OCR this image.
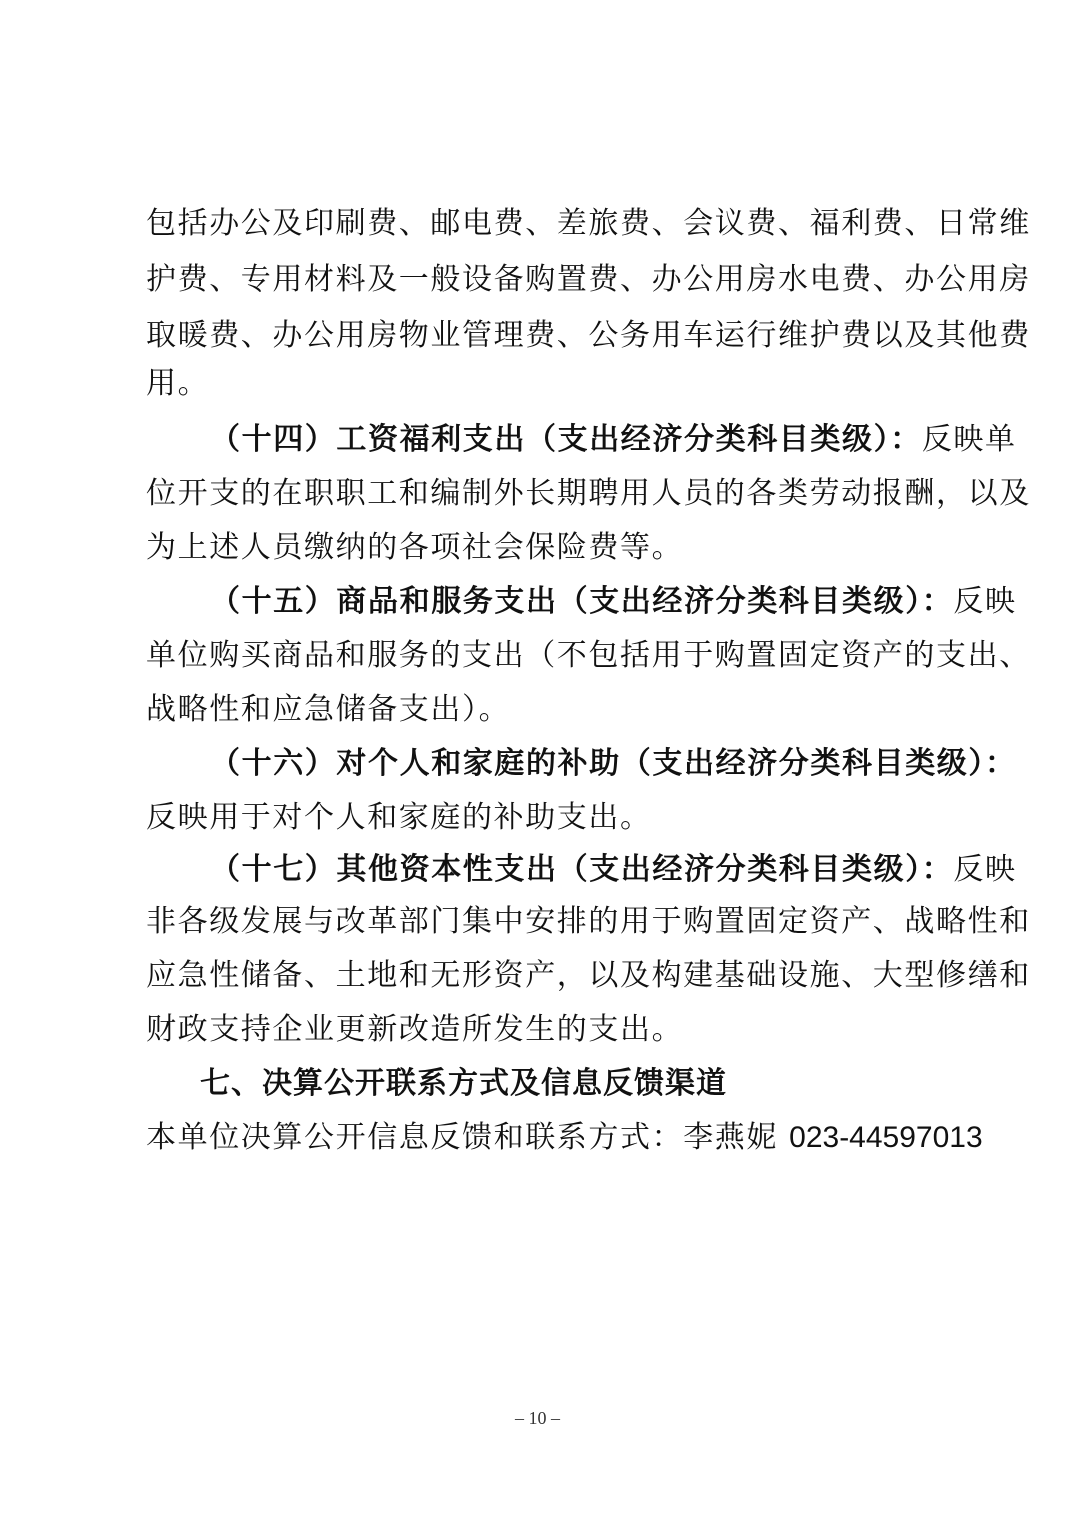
包括办公及印刷费、邮电费、差旅费、会议费、福利费、日常维
护费、专用材料及一般设备购置费、办公用房水电费、办公用房
取暖费、办公用房物业管理费、公务用车运行维护费以及其他费
用。
（十四）工资福利支出（支出经济分类科目类级）：反映单
位开支的在职职工和编制外长期聘用人员的各类劳动报酬，以及
为上述人员缴纳的各项社会保险费等。
（十五）商品和服务支出（支出经济分类科目类级）：反映
单位购买商品和服务的支出（不包括用于购置固定资产的支出、
战略性和应急储备支出）。
（十六）对个人和家庭的补助（支出经济分类科目类级）：
反映用于对个人和家庭的补助支出。
（十七）其他资本性支出（支出经济分类科目类级）：反映
非各级发展与改革部门集中安排的用于购置固定资产、战略性和
应急性储备、土地和无形资产，以及构建基础设施、大型修缮和
财政支持企业更新改造所发生的支出。
七、决算公开联系方式及信息反馈渠道
本单位决算公开信息反馈和联系方式：李燕妮 023-44597013
– 10 –
